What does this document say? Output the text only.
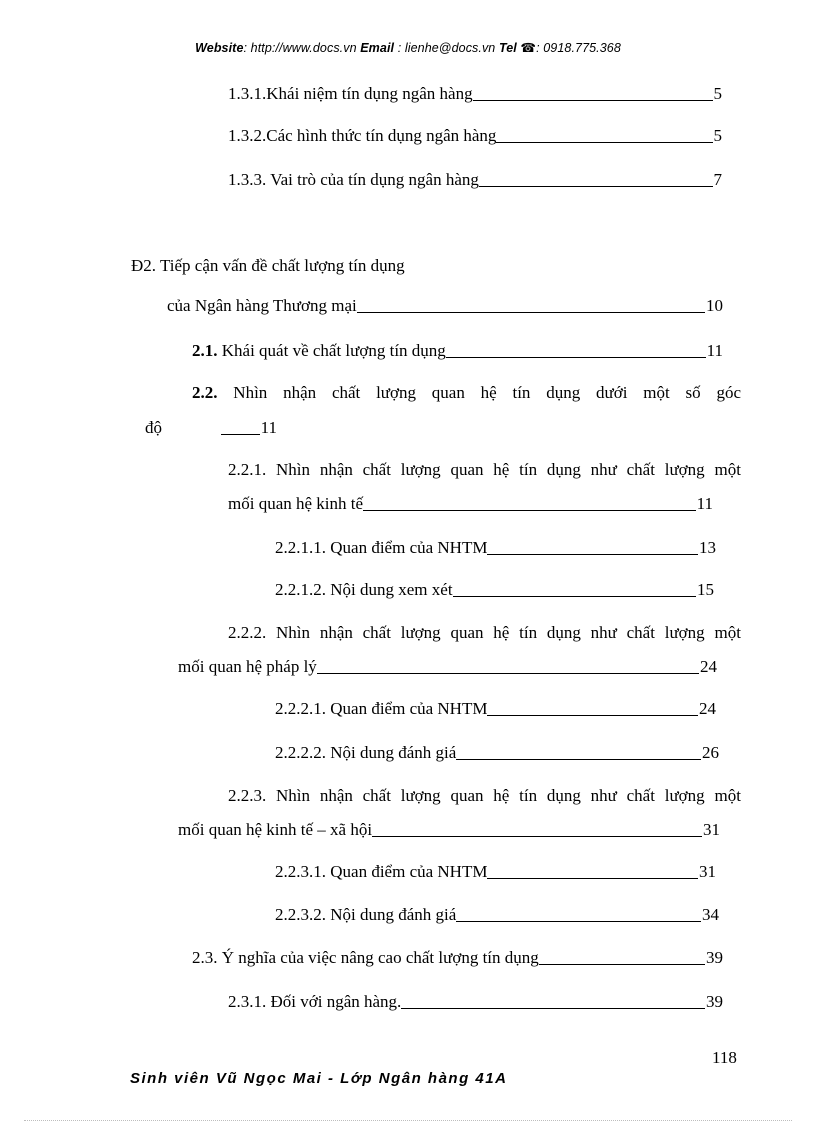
Website: http://www.docs.vn Email : lienhe@docs.vn Tel ☎: 0918.775.368
1.3.1.Khái niệm tín dụng ngân hàng	5
1.3.2.Các hình thức tín dụng ngân hàng	5
1.3.3. Vai trò của tín dụng ngân hàng	7
Đ2. Tiếp cận vấn đề chất lượng tín dụng
của Ngân hàng Thương mại	10
2.1. Khái quát về chất lượng tín dụng	11
2.2. Nhìn nhận chất lượng quan hệ tín dụng dưới một số góc
độ	11
2.2.1. Nhìn nhận chất lượng quan hệ tín dụng như chất lượng một
mối quan hệ kinh tế	11
2.2.1.1. Quan điểm của NHTM	13
2.2.1.2. Nội dung xem xét	15
2.2.2. Nhìn nhận chất lượng quan hệ tín dụng như chất lượng một
mối quan hệ pháp lý	24
2.2.2.1. Quan điểm của NHTM	24
2.2.2.2. Nội dung đánh giá	26
2.2.3. Nhìn nhận chất lượng quan hệ tín dụng như chất lượng một
mối quan hệ kinh tế – xã hội	31
2.2.3.1. Quan điểm của NHTM	31
2.2.3.2. Nội dung đánh giá	34
2.3. Ý nghĩa của việc nâng cao chất lượng tín dụng	39
2.3.1. Đối với ngân hàng.	39
118
Sinh viên Vũ Ngọc Mai - Lớp Ngân hàng 41A
